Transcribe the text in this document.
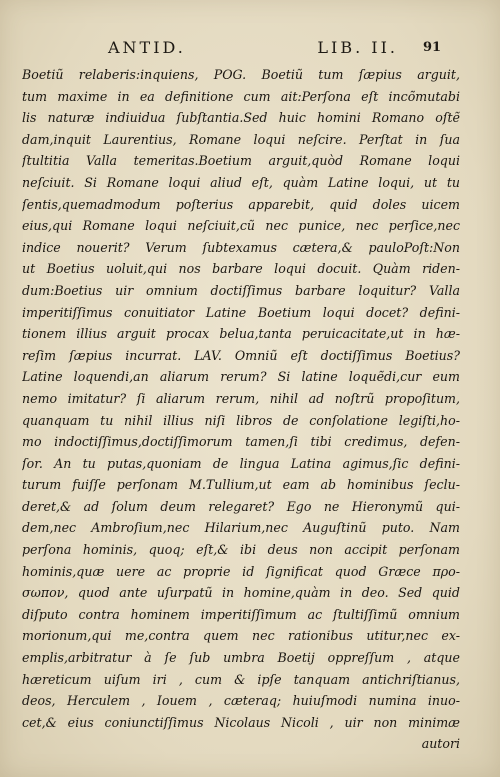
ANTID.	LIB. II. 91
Boetiũ relaberis:inquiens, POG. Boetiũ tum ſæpius arguit,
tum maxime in ea definitione cum ait:Perſona eſt incõmutabi
lis naturæ indiuidua ſubſtantia.Sed huic homini Romano oſtẽ
dam,inquit Laurentius, Romane loqui neſcire. Perſtat in ſua
ſtultitia Valla temeritas.Boetium arguit,quòd Romane loqui
neſciuit. Si Romane loqui aliud eſt, quàm Latine loqui, ut tu
ſentis,quemadmodum poſterius apparebit, quid doles uicem
eius,qui Romane loqui neſciuit,cũ nec punice, nec perſice,nec
indice nouerit? Verum ſubtexamus cætera,& pauloPoſt:Non
ut Boetius uoluit,qui nos barbare loqui docuit. Quàm riden-
dum:Boetius uir omnium doctiſſimus barbare loquitur? Valla
imperitiſſimus conuitiator Latine Boetium loqui docet? defini-
tionem illius arguit procax belua,tanta peruicacitate,ut in hæ-
reſim ſæpius incurrat. LAV. Omniũ eſt doctiſſimus Boetius?
Latine loquendi,an aliarum rerum? Si latine loquẽdi,cur eum
nemo imitatur? ſi aliarum rerum, nihil ad noſtrũ propoſitum,
quanquam tu nihil illius niſi libros de conſolatione legiſti,ho-
mo indoctiſſimus,doctiſſimorum tamen,ſi tibi credimus, defen-
ſor. An tu putas,quoniam de lingua Latina agimus,ſic defini-
turum fuiſſe perſonam M.Tullium,ut eam ab hominibus ſeclu-
deret,& ad ſolum deum relegaret? Ego ne Hieronymũ qui-
dem,nec Ambroſium,nec Hilarium,nec Auguſtinũ puto. Nam
perſona hominis, quoq; eſt,& ibi deus non accipit perſonam
hominis,quæ uere ac proprie id ſignificat quod Græce πρo-
σωπoν, quod ante uſurpatũ in homine,quàm in deo. Sed quid
diſputo contra hominem imperitiſſimum ac ſtultiſſimũ omnium
morionum,qui me,contra quem nec rationibus utitur,nec ex-
emplis,arbitratur à ſe ſub umbra Boetij oppreſſum , atque
hæreticum uiſum iri , cum & ipſe tanquam antichriſtianus,
deos, Herculem , Iouem , cæteraq; huiuſmodi numina inuo-
cet,& eius coniunctiſſimus Nicolaus Nicoli , uir non minimæ
autori
